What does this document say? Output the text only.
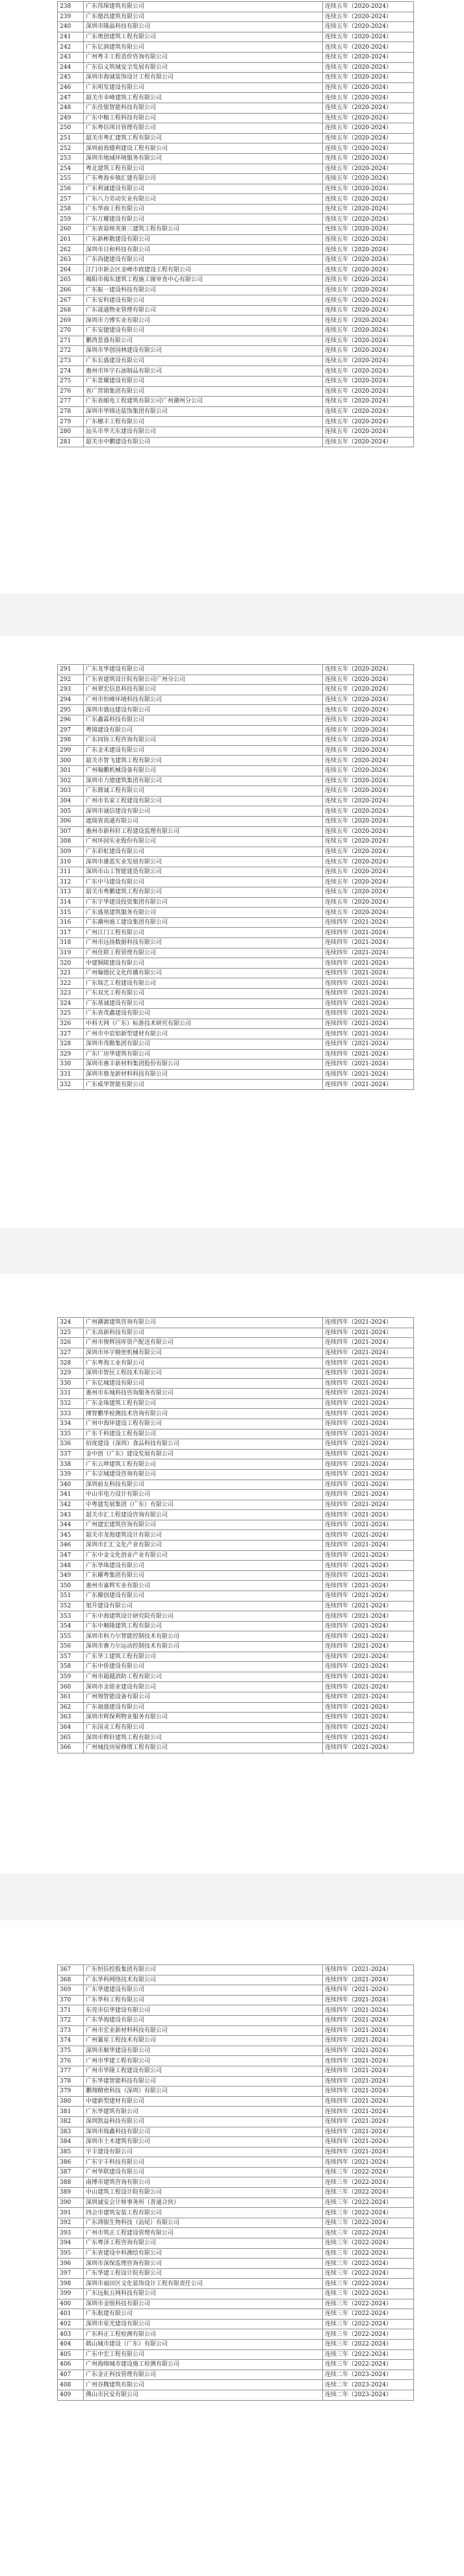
238	广东伟琛建筑有限公司	连续五年（2020-2024）
239	广东德昌建筑有限公司	连续五年（2020-2024）
240	深圳市隆晶科技有限公司	连续五年（2020-2024）
241	广东奥创建筑工程有限公司	连续五年（2020-2024）
242	广东亿润建筑有限公司	连续五年（2020-2024）
243	广州粤丰工程造价咨询有限公司	连续五年（2020-2024）
244	广东信义筑城安全发展有限公司	连续五年（2020-2024）
245	深圳市海诚装饰设计工程有限公司	连续五年（2020-2024）
246	广东明发建设有限公司	连续五年（2020-2024）
247	韶关市幸峰建筑工程有限公司	连续五年（2020-2024）
248	广东佳银智能科技有限公司	连续五年（2020-2024）
249	广东中粮工程科技有限公司	连续五年（2020-2024）
250	广东粤信项目管理有限公司	连续五年（2020-2024）
251	韶关市粤汇建筑工程有限公司	连续五年（2020-2024）
252	深圳前海德利建设工程有限公司	连续五年（2020-2024）
253	深圳市地域环境服务有限公司	连续五年（2020-2024）
254	粤北建筑工程有限公司	连续五年（2020-2024）
255	广东粤海乡镇汇建有限公司	连续五年（2020-2024）
256	广东利诚建设有限公司	连续五年（2020-2024）
257	广东八力劳动实业有限公司	连续五年（2020-2024）
258	广东华商工程有限公司	连续五年（2020-2024）
259	广东万耀建设有限公司	连续五年（2020-2024）
260	广东省茹师英第三建筑工程有限公司	连续五年（2020-2024）
261	广东新彬数建设有限公司	连续五年（2020-2024）
262	深圳市日和科技有限公司	连续五年（2020-2024）
263	广东尚捷建设有限公司	连续五年（2020-2024）
264	江门市新会区金峰市政建设工程有限公司	连续五年（2020-2024）
265	揭阳市揭东建筑工程施工图审查中心有限公司	连续五年（2020-2024）
266	广东振一建设科技有限公司	连续五年（2020-2024）
267	广东安科建设有限公司	连续五年（2020-2024）
268	广东晟通物业管理有限公司	连续五年（2020-2024）
269	深圳市力博实业有限公司	连续五年（2020-2024）
270	广东安捷建设有限公司	连续五年（2020-2024）
271	鹏湾景盛有限公司	连续五年（2020-2024）
272	深圳市华创国林建设有限公司	连续五年（2020-2024）
273	广东长盛建设有限公司	连续五年（2020-2024）
274	惠州市环宇石油制品有限公司	连续五年（2020-2024）
275	广东景耀建设有限公司	连续五年（2020-2024）
276	省广营销集团有限公司	连续五年（2020-2024）
277	广东省邮电工程建筑有限公司广州潮州分公司	连续五年（2020-2024）
278	深圳市华锦达装饰集团有限公司	连续五年（2020-2024）
279	广东穗丰工程有限公司	连续五年（2020-2024）
280	汕头市华天东建设有限公司	连续五年（2020-2024）
281	韶关市中鹏建设有限公司	连续五年（2020-2024）
291	广东龙华建设有限公司	连续五年（2020-2024）
292	广东省建筑设计院有限公司广州分公司	连续五年（2020-2024）
293	广州翠宏信息科技有限公司	连续五年（2020-2024）
294	广州市恒峰环境科技有限公司	连续五年（2020-2024）
295	深圳市盛远建设有限公司	连续五年（2020-2024）
296	广东鑫霖科技有限公司	连续五年（2020-2024）
297	粤锦建设有限公司	连续五年（2020-2024）
298	广东同协工程咨询有限公司	连续五年（2020-2024）
299	广东金禾建设有限公司	连续五年（2020-2024）
300	韶关市智飞建筑工程有限公司	连续五年（2020-2024）
301	广州翰鹏机械设备有限公司	连续五年（2020-2024）
302	深圳市力德建筑集团有限公司	连续五年（2020-2024）
303	广东鼎诚工程有限公司	连续五年（2020-2024）
304	广州市名家工程建设有限公司	连续五年（2020-2024）
305	深圳市诚信建设有限公司	连续五年（2020-2024）
306	遮瑞省高通有限公司	连续五年（2020-2024）
307	惠州市新科轩工程建设监理有限公司	连续五年（2020-2024）
308	广州环园实业股份有限公司	连续五年（2020-2024）
309	广东彩虹建设有限公司	连续五年（2020-2024）
310	深圳市雄蓝实业发展有限公司	连续五年（2020-2024）
311	深圳市山工智能建造有限公司	连续五年（2020-2024）
312	广东中马建设有限公司	连续五年（2020-2024）
313	韶关市粤鹏建筑工程有限公司	连续五年（2020-2024）
314	广东宇华建设投资集团有限公司	连续五年（2020-2024）
315	广东盛基建筑服务有限公司	连续五年（2020-2024）
316	广东潮州施工建设集团有限公司	连续四年（2021-2024）
317	广州江门工程有限公司	连续四年（2021-2024）
318	广州市远扬数据科技有限公司	连续四年（2021-2024）
319	广州佳联工程管理有限公司	连续四年（2021-2024）
320	中建铜陵建设有限公司	连续四年（2021-2024）
321	广州翰德民文化传播有限公司	连续四年（2021-2024）
322	广东瑞艺工程建设有限公司	连续四年（2021-2024）
323	广东双光工程有限公司	连续四年（2021-2024）
324	广东基诚建设有限公司	连续四年（2021-2024）
325	广东省茂鑫建设有限公司	连续四年（2021-2024）
326	中科天网（广东）标准技术研究有限公司	连续四年（2021-2024）
327	广州市中宸铝新型建材有限公司	连续四年（2021-2024）
328	深圳市茂勤集团有限公司	连续四年（2021-2024）
329	广东厂房华建筑有限公司	连续四年（2021-2024）
330	深圳市惠丰新材料集团股份有限公司	连续四年（2021-2024）
331	深圳市鼎龙新材料科技有限公司	连续四年（2021-2024）
332	广东威华智能有限公司	连续四年（2021-2024）
324	广州潮源建筑咨询有限公司	连续四年（2021-2024）
325	广东高新科技有限公司	连续四年（2021-2024）
326	广州市俊辉国库资产配送有限公司	连续四年（2021-2024）
327	深圳市环宇精密机械有限公司	连续四年（2021-2024）
328	广东粤海工业有限公司	连续四年（2021-2024）
329	深圳市智民工程技术有限公司	连续四年（2021-2024）
330	广东亿城建设有限公司	连续四年（2021-2024）
331	惠州市东城科技咨询服务有限公司	连续四年（2021-2024）
332	广东金珠建筑工程有限公司	连续四年（2021-2024）
333	博智鹏华检测技术咨询有限公司	连续四年（2021-2024）
334	广州中海环建设工程有限公司	连续四年（2021-2024）
335	广东千科建设工程有限公司	连续四年（2021-2024）
336	佰度建设（深圳）食品科技有限公司	连续四年（2021-2024）
337	金中创（广东）建设发展有限公司	连续四年（2021-2024）
338	广东云坤建筑工程有限公司	连续四年（2021-2024）
339	广东宗城建设咨询有限公司	连续四年（2021-2024）
340	深圳前友科技有限公司	连续四年（2021-2024）
341	中山市电力设计有限公司	连续四年（2021-2024）
342	中粤建发展集团（广东）有限公司	连续四年（2021-2024）
343	韶关市汇工程建设咨询有限公司	连续四年（2021-2024）
344	广州建宏建筑咨询有限公司	连续四年（2021-2024）
345	韶关市龙海建筑设计有限公司	连续四年（2021-2024）
346	深圳市汇汇文化产业有限公司	连续四年（2021-2024）
347	广东中金文化创业产业有限公司	连续四年（2021-2024）
348	广东华珠建设有限公司	连续四年（2021-2024）
349	广东耀粤集团有限公司	连续四年（2021-2024）
350	惠州市嘉辉实业有限公司	连续四年（2021-2024）
351	广东耀创建设有限公司	连续四年（2021-2024）
352	旭升建设有限公司	连续四年（2021-2024）
353	广东中海建筑设计研究院有限公司	连续四年（2021-2024）
354	广东中顺隆建筑工程有限公司	连续四年（2021-2024）
355	深圳市科力尔智能控制技术有限公司	连续四年（2021-2024）
356	深圳市赛力尔运动控制技术有限公司	连续四年（2021-2024）
357	广东华工建筑工程有限公司	连续四年（2021-2024）
358	广东中侨建设有限公司	连续四年（2021-2024）
359	广州市超越消防工程有限公司	连续四年（2021-2024）
360	深圳市金铭业建设有限公司	连续四年（2021-2024）
361	广州翔智能设备有限公司	连续四年（2021-2024）
362	广东福盛建设有限公司	连续四年（2021-2024）
363	深圳市辉保利物业服务有限公司	连续四年（2021-2024）
364	广东国灵工程有限公司	连续四年（2021-2024）
365	深圳市辉轩建筑工程有限公司	连续四年（2021-2024）
366	广州城投房屋修缮工程有限公司	连续四年（2021-2024）
367	广东恒信控股集团有限公司	连续四年（2021-2024）
368	广东华科网络技术有限公司	连续四年（2021-2024）
369	广东华建建设有限公司	连续四年（2021-2024）
370	广东华科工程有限公司	连续四年（2021-2024）
371	东莞市信华建设有限公司	连续四年（2021-2024）
372	广东华海建设有限公司	连续四年（2021-2024）
373	广州市宏业新材料科技有限公司	连续四年（2021-2024）
374	广州翼星工程技术有限公司	连续四年（2021-2024）
375	深圳市顺华建设有限公司	连续四年（2021-2024）
376	广州市华建工程有限公司	连续四年（2021-2024）
377	广州市华隆工程建设有限公司	连续四年（2021-2024）
378	广东华建智能科技有限公司	连续四年（2021-2024）
379	鹏翔精密科技（深圳）有限公司	连续四年（2021-2024）
380	中建新型建材有限公司	连续四年（2021-2024）
381	广东华建筑有限公司	连续四年（2021-2024）
382	深圳凯益科技有限公司	连续四年（2021-2024）
383	深圳市瑞鑫科技有限公司	连续四年（2021-2024）
384	深圳市土木建筑有限公司	连续四年（2021-2024）
385	宇丰建设有限公司	连续四年（2021-2024）
386	广东宇丰科技有限公司	连续四年（2021-2024）
387	广州华联建设有限公司	连续三年（2022-2024）
388	南博市建筑咨询有限公司	连续三年（2022-2024）
389	中山建筑工程设计院有限公司	连续三年（2022-2024）
390	深圳诚安会计师事务所（普通合伙）	连续三年（2022-2024）
391	四会市建筑安装工程有限公司	连续三年（2022-2024）
392	广东鸿银生物科技（汕尾）有限公司	连续三年（2022-2024）
393	广州市筑正工程建设管理有限公司	连续三年（2022-2024）
394	广东粤泽工程咨询有限公司	连续三年（2022-2024）
395	广东省建设中科测绘有限公司	连续三年（2022-2024）
396	深圳市深保监理咨询有限公司	连续三年（2022-2024）
397	广东华建工程设计院有限公司	连续三年（2022-2024）
398	深圳市福田区文化装饰设计工程有限责任公司	连续三年（2022-2024）
399	广东远航五网科技有限公司	连续三年（2022-2024）
400	深圳市金锐科技有限公司	连续三年（2022-2024）
401	广东航建有限公司	连续三年（2022-2024）
402	深圳市星光建设有限公司	连续三年（2022-2024）
403	广东科正工程检测有限公司	连续三年（2022-2024）
404	鹤山城市建设（广东）有限公司	连续三年（2022-2024）
405	广东中宏工程有限公司	连续三年（2022-2024）
406	广州海绵城市建设施工检测有限公司	连续三年（2022-2024）
407	广东金正科技管理有限公司	连续二年（2023-2024）
408	广州谷腾建筑有限公司	连续二年（2023-2024）
409	佛山市民安有限公司	连续二年（2023-2024）
